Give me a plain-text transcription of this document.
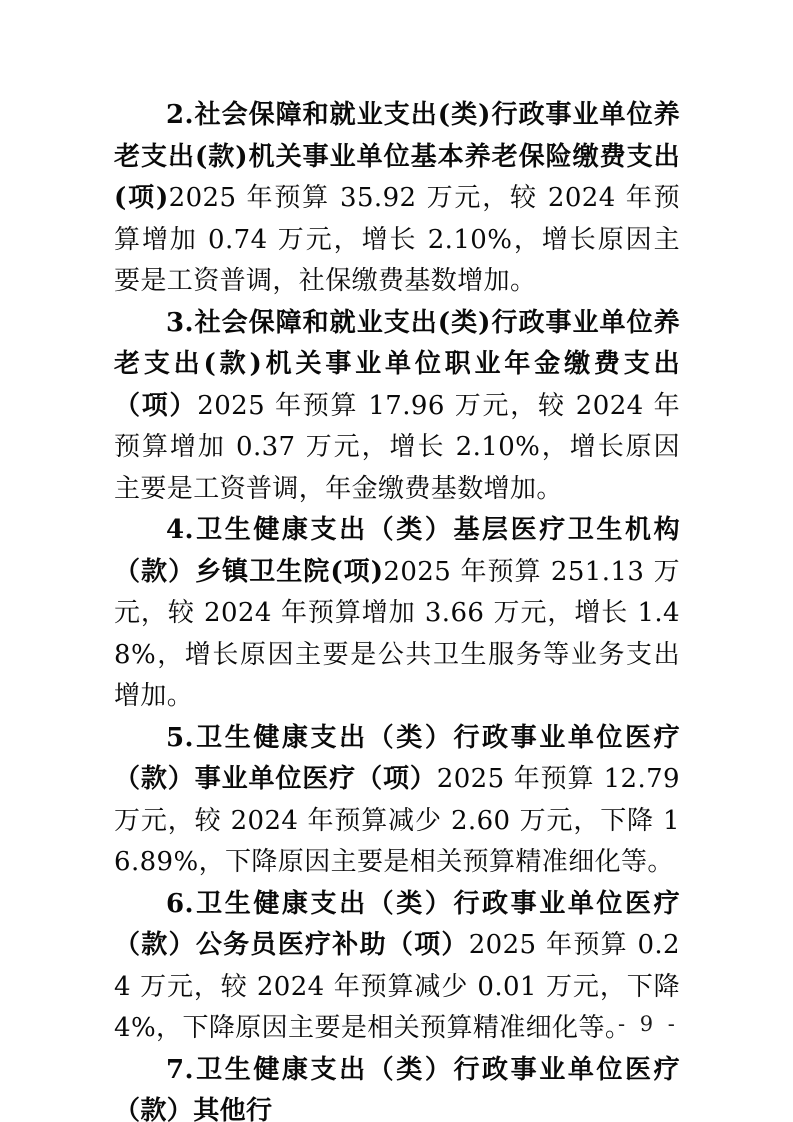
2.社会保障和就业支出(类)行政事业单位养老支出(款)机关事业单位基本养老保险缴费支出(项)2025 年预算 35.92 万元，较 2024 年预算增加 0.74 万元，增长 2.10%，增长原因主要是工资普调，社保缴费基数增加。

3.社会保障和就业支出(类)行政事业单位养老支出(款)机关事业单位职业年金缴费支出（项）2025 年预算 17.96 万元，较 2024 年预算增加 0.37 万元，增长 2.10%，增长原因主要是工资普调，年金缴费基数增加。

4.卫生健康支出（类）基层医疗卫生机构（款）乡镇卫生院(项)2025 年预算 251.13 万元，较 2024 年预算增加 3.66 万元，增长 1.48%，增长原因主要是公共卫生服务等业务支出增加。

5.卫生健康支出（类）行政事业单位医疗（款）事业单位医疗（项）2025 年预算 12.79 万元，较 2024 年预算减少 2.60 万元，下降 16.89%，下降原因主要是相关预算精准细化等。

6.卫生健康支出（类）行政事业单位医疗（款）公务员医疗补助（项）2025 年预算 0.24 万元，较 2024 年预算减少 0.01 万元，下降 4%，下降原因主要是相关预算精准细化等。

7.卫生健康支出（类）行政事业单位医疗（款）其他行

- 9 -
